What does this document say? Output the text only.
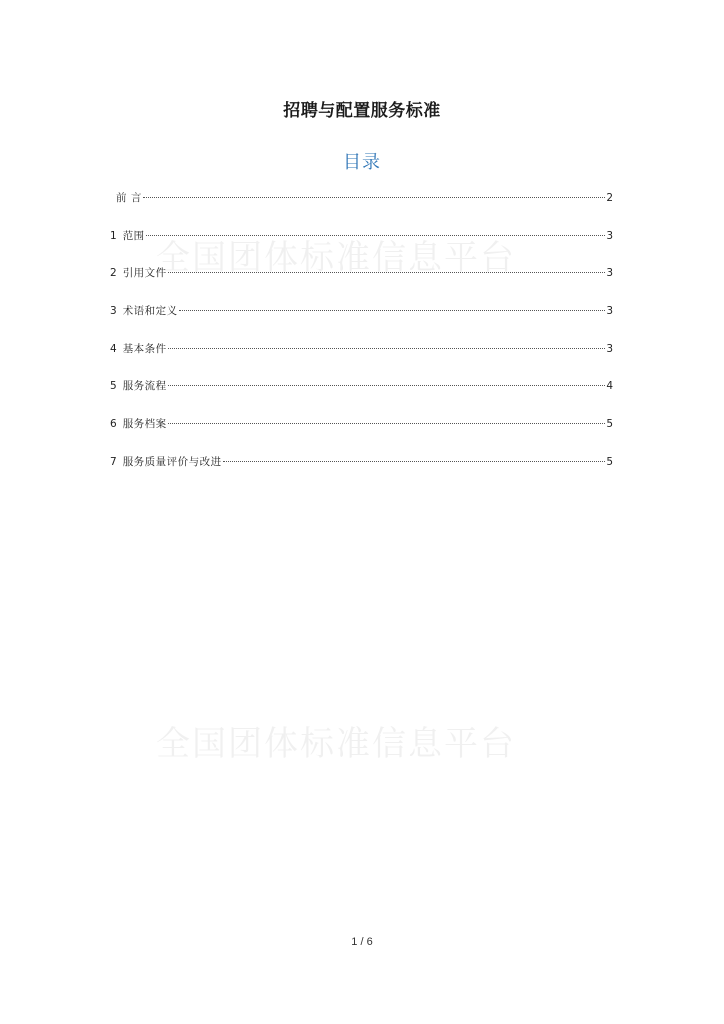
全国团体标准信息平台
全国团体标准信息平台
招聘与配置服务标准
目录
前 言	2
1 范围	3
2 引用文件	3
3 术语和定义	3
4 基本条件	3
5 服务流程	4
6 服务档案	5
7 服务质量评价与改进	5
1 / 6
